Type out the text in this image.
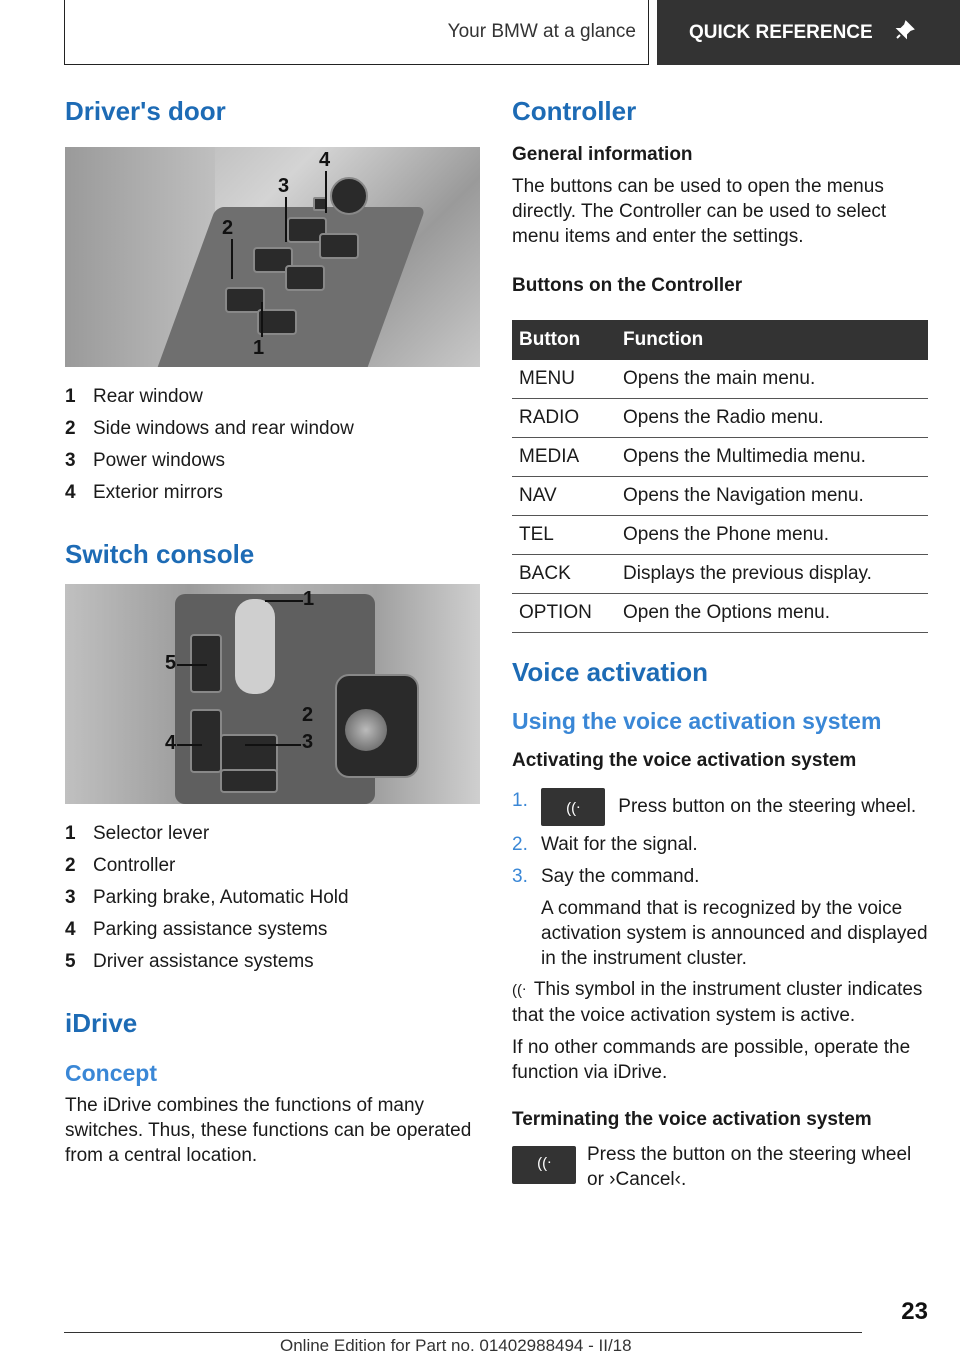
Your BMW at a glance	QUICK REFERENCE
Driver's door
1
2
3
4
1 Rear window
2 Side windows and rear window
3 Power windows
4 Exterior mirrors
Switch console
1
2
3
4
5
1 Selector lever
2 Controller
3 Parking brake, Automatic Hold
4 Parking assistance systems
5 Driver assistance systems
iDrive
Concept

The iDrive combines the functions of many switches. Thus, these functions can be operated from a central location.

Controller
General information

The buttons can be used to open the menus directly. The Controller can be used to select menu items and enter the settings.

Buttons on the Controller
Button	Function
MENU	Opens the main menu.
RADIO	Opens the Radio menu.
MEDIA	Opens the Multimedia menu.
NAV	Opens the Navigation menu.
TEL	Opens the Phone menu.
BACK	Displays the previous display.
OPTION	Open the Options menu.
Voice activation
Using the voice activation system
Activating the voice activation system
1.	((ᐧ	Press button on the steering wheel.
2. Wait for the signal.
3. Say the command.

A command that is recognized by the voice activation system is announced and displayed in the instrument cluster.

((ᐧ This symbol in the instrument cluster indicates that the voice activation system is active.

If no other commands are possible, operate the function via iDrive.

Terminating the voice activation system
((ᐧ	Press the button on the steering wheel or ›Cancel‹.

23
Online Edition for Part no. 01402988494 - II/18
